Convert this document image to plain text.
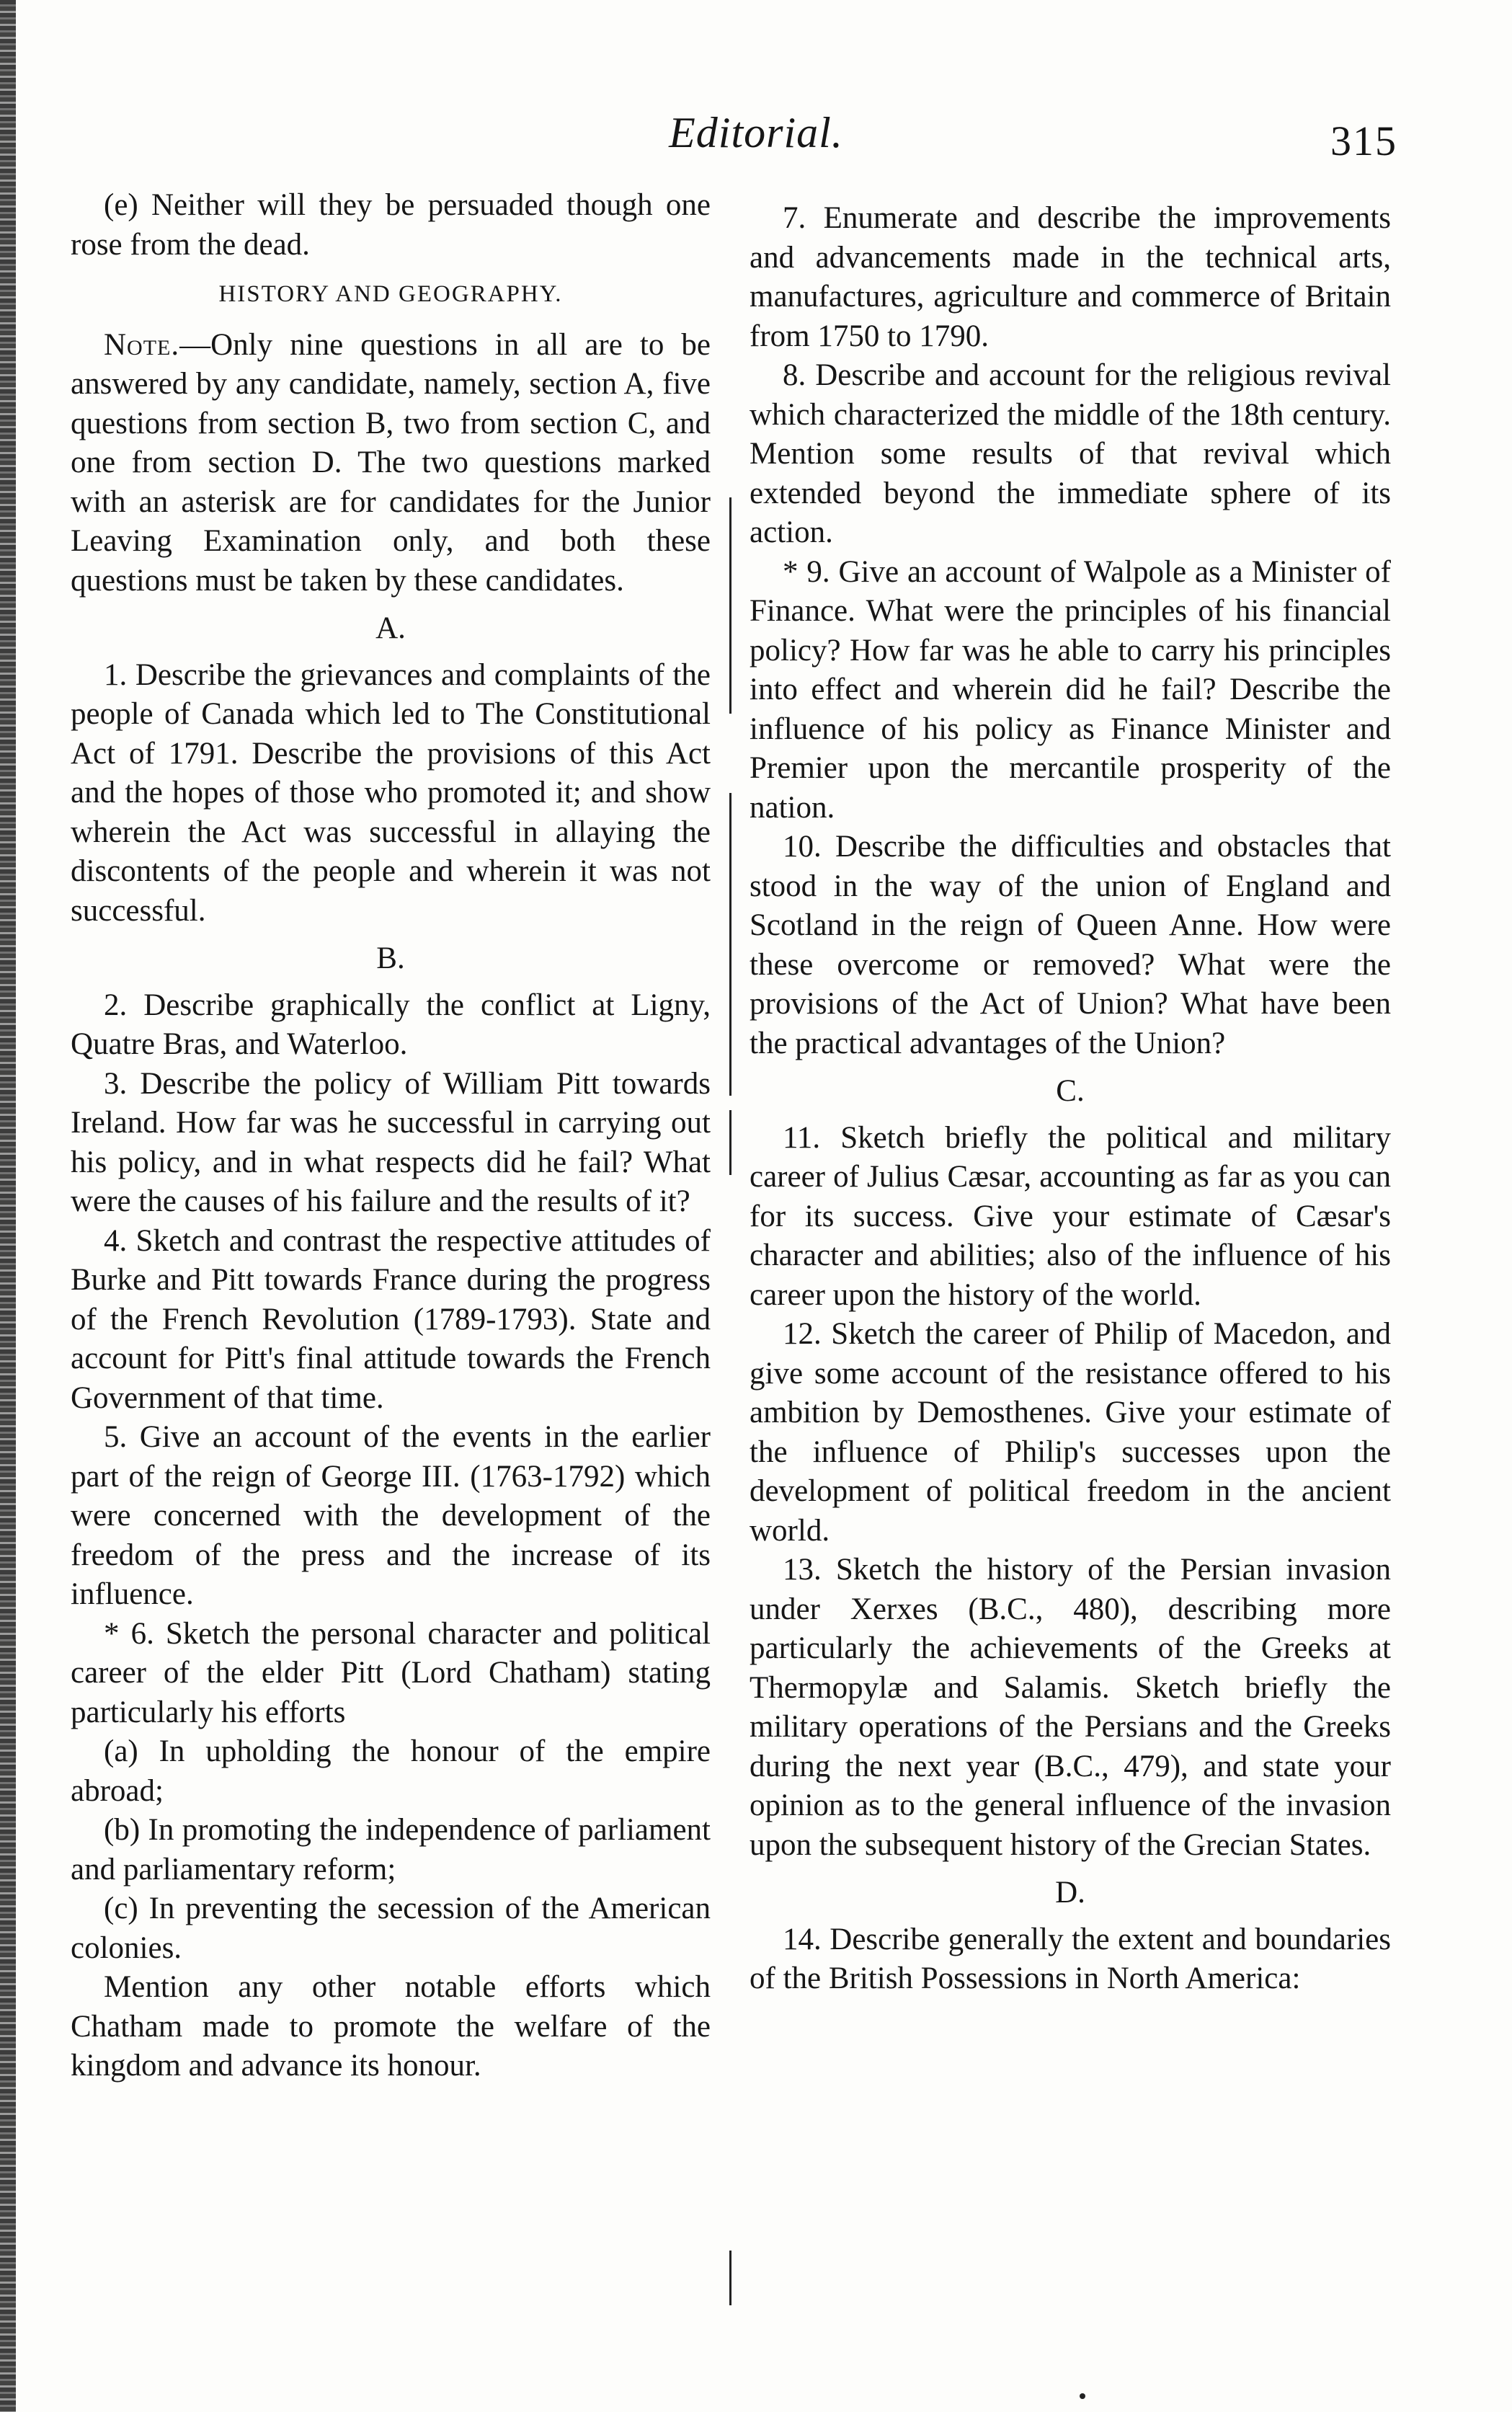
Editorial.	315

(e) Neither will they be persuaded though one rose from the dead.

HISTORY AND GEOGRAPHY.

Note.—Only nine questions in all are to be answered by any candidate, namely, section A, five questions from section B, two from section C, and one from section D. The two questions marked with an asterisk are for candidates for the Junior Leaving Examination only, and both these questions must be taken by these candidates.

A.

1. Describe the grievances and complaints of the people of Canada which led to The Constitutional Act of 1791. Describe the provisions of this Act and the hopes of those who promoted it; and show wherein the Act was successful in allaying the discontents of the people and wherein it was not successful.

B.

2. Describe graphically the conflict at Ligny, Quatre Bras, and Waterloo.

3. Describe the policy of William Pitt towards Ireland. How far was he successful in carrying out his policy, and in what respects did he fail? What were the causes of his failure and the results of it?

4. Sketch and contrast the respective attitudes of Burke and Pitt towards France during the progress of the French Revolution (1789-1793). State and account for Pitt's final attitude towards the French Government of that time.

5. Give an account of the events in the earlier part of the reign of George III. (1763-1792) which were concerned with the development of the freedom of the press and the increase of its influence.

* 6. Sketch the personal character and political career of the elder Pitt (Lord Chatham) stating particularly his efforts

(a) In upholding the honour of the empire abroad;

(b) In promoting the independence of parliament and parliamentary reform;

(c) In preventing the secession of the American colonies.

Mention any other notable efforts which Chatham made to promote the welfare of the kingdom and advance its honour.

7. Enumerate and describe the improvements and advancements made in the technical arts, manufactures, agriculture and commerce of Britain from 1750 to 1790.

8. Describe and account for the religious revival which characterized the middle of the 18th century. Mention some results of that revival which extended beyond the immediate sphere of its action.

* 9. Give an account of Walpole as a Minister of Finance. What were the principles of his financial policy? How far was he able to carry his principles into effect and wherein did he fail? Describe the influence of his policy as Finance Minister and Premier upon the mercantile prosperity of the nation.

10. Describe the difficulties and obstacles that stood in the way of the union of England and Scotland in the reign of Queen Anne. How were these overcome or removed? What were the provisions of the Act of Union? What have been the practical advantages of the Union?

C.

11. Sketch briefly the political and military career of Julius Cæsar, accounting as far as you can for its success. Give your estimate of Cæsar's character and abilities; also of the influence of his career upon the history of the world.

12. Sketch the career of Philip of Macedon, and give some account of the resistance offered to his ambition by Demosthenes. Give your estimate of the influence of Philip's successes upon the development of political freedom in the ancient world.

13. Sketch the history of the Persian invasion under Xerxes (B.C., 480), describing more particularly the achievements of the Greeks at Thermopylæ and Salamis. Sketch briefly the military operations of the Persians and the Greeks during the next year (B.C., 479), and state your opinion as to the general influence of the invasion upon the subsequent history of the Grecian States.

D.

14. Describe generally the extent and boundaries of the British Possessions in North America:
